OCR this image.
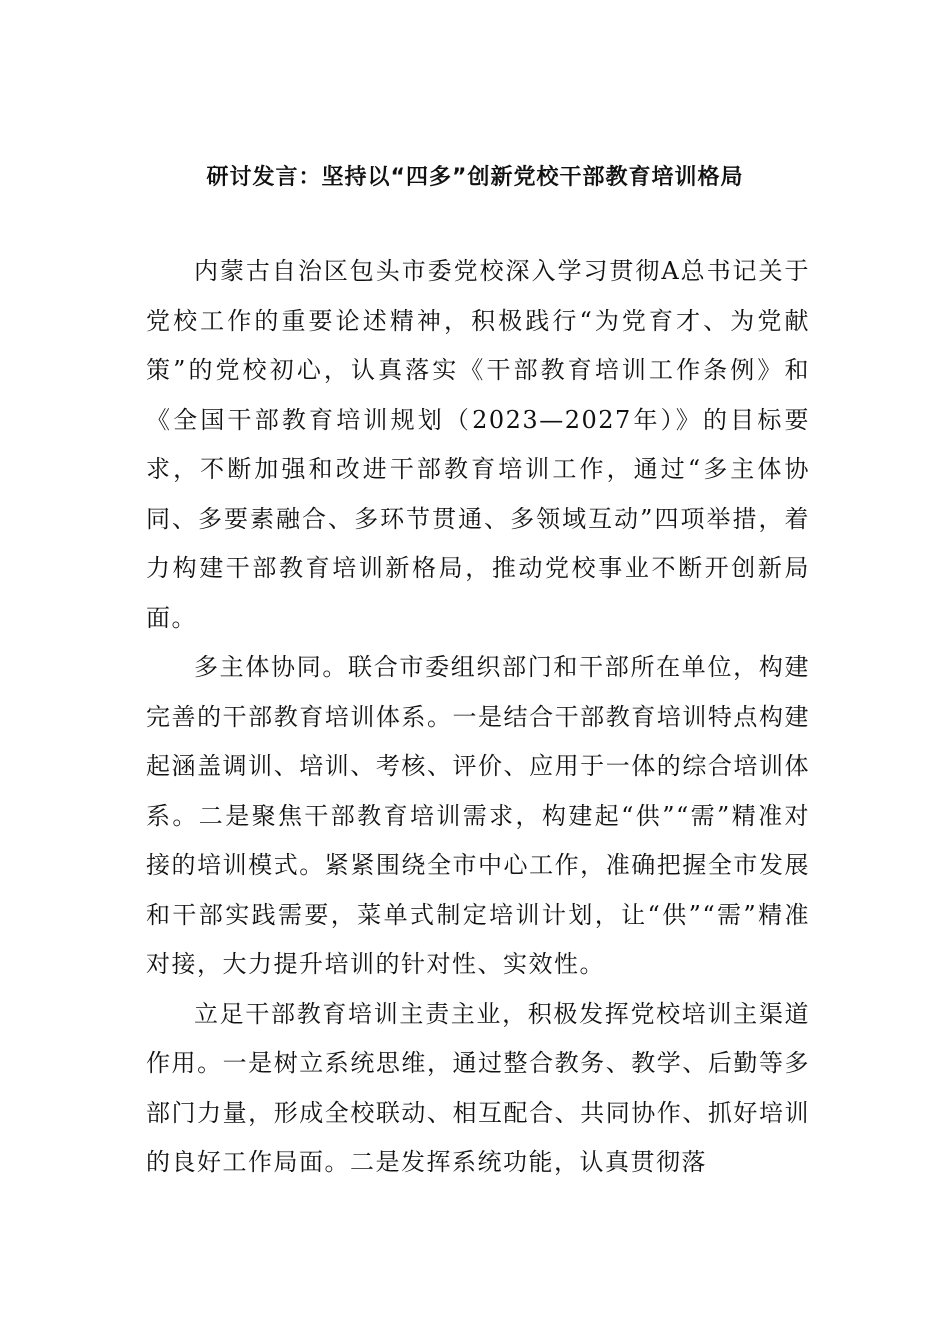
研讨发言：坚持以“四多”创新党校干部教育培训格局

内蒙古自治区包头市委党校深入学习贯彻A总书记关于党校工作的重要论述精神，积极践行“为党育才、为党献策”的党校初心，认真落实《干部教育培训工作条例》和《全国干部教育培训规划（2023—2027年）》的目标要求，不断加强和改进干部教育培训工作，通过“多主体协同、多要素融合、多环节贯通、多领域互动”四项举措，着力构建干部教育培训新格局，推动党校事业不断开创新局面。

多主体协同。联合市委组织部门和干部所在单位，构建完善的干部教育培训体系。一是结合干部教育培训特点构建起涵盖调训、培训、考核、评价、应用于一体的综合培训体系。二是聚焦干部教育培训需求，构建起“供”“需”精准对接的培训模式。紧紧围绕全市中心工作，准确把握全市发展和干部实践需要，菜单式制定培训计划，让“供”“需”精准对接，大力提升培训的针对性、实效性。

立足干部教育培训主责主业，积极发挥党校培训主渠道作用。一是树立系统思维，通过整合教务、教学、后勤等多部门力量，形成全校联动、相互配合、共同协作、抓好培训的良好工作局面。二是发挥系统功能，认真贯彻落
